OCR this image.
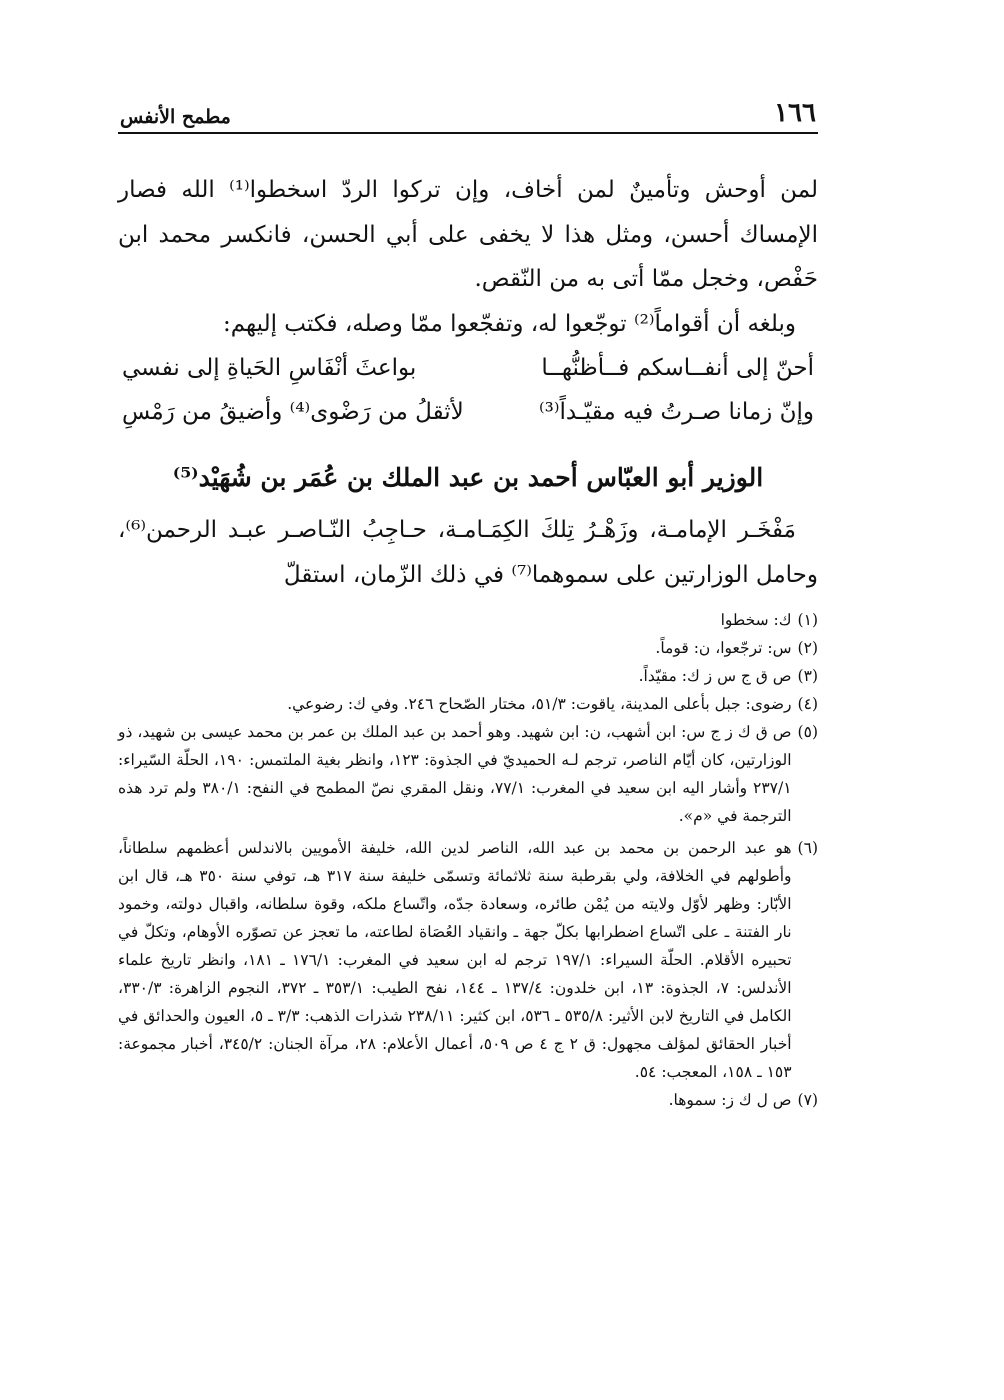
١٦٦
مطمح الأنفس

لمن أوحش وتأمينٌ لمن أخاف، وإن تركوا الردّ اسخطوا⁽¹⁾ الله فصار الإمساك أحسن، ومثل هذا لا يخفى على أبي الحسن، فانكسر محمد ابن حَفْص، وخجل ممّا أتى به من النّقص.

وبلغه أن أقواماً⁽²⁾ توجّعوا له، وتفجّعوا ممّا وصله، فكتب إليهم:

أحنّ إلى أنفــاسكم فــأظنُّهــا
بواعثَ أنْفَاسِ الحَياةِ إلى نفسي
وإنّ زمانا صـرتُ فيه مقيّـداً⁽³⁾
لأثقلُ من رَضْوى⁽⁴⁾ وأضيقُ من رَمْسِ
الوزير أبو العبّاس أحمد بن عبد الملك بن عُمَر بن شُهَيْد⁽⁵⁾

مَفْخَـر الإمامـة، وزَهْـرُ تِلكَ الكِمَـامـة، حـاجِبُ النّـاصـر عبـد الرحمن⁽⁶⁾، وحامل الوزارتين على سموهما⁽⁷⁾ في ذلك الزّمان، استقلّ

(١)
ك: سخطوا
(٢)
س: ترجّعوا، ن: قوماً.
(٣)
ص ق ج س ز ك: مقيّداً.
(٤)
رضوى: جبل بأعلى المدينة، ياقوت: ٥١/٣، مختار الصّحاح ٢٤٦. وفي ك: رضوعي.
(٥)
ص ق ك ز ج س: ابن أشهب، ن: ابن شهيد. وهو أحمد بن عبد الملك بن عمر بن محمد عيسى بن شهيد، ذو الوزارتين، كان أيّام الناصر، ترجم لـه الحميديّ في الجذوة: ١٢٣، وانظر بغية الملتمس: ١٩٠، الحلّة السّيراء: ٢٣٧/١ وأشار اليه ابن سعيد في المغرب: ٧٧/١، ونقل المقري نصّ المطمح في النفح: ٣٨٠/١ ولم ترد هذه الترجمة في «م».
(٦)
هو عبد الرحمن بن محمد بن عبد الله، الناصر لدين الله، خليفة الأمويين بالاندلس أعظمهم سلطاناً، وأطولهم في الخلافة، ولي بقرطبة سنة ثلاثمائة وتسمّى خليفة سنة ٣١٧ هـ، توفي سنة ٣٥٠ هـ، قال ابن الأبّار: وظهر لأوّل ولايته من يُمْن طائره، وسعادة جدّه، واتّساع ملكه، وقوة سلطانه، واقبال دولته، وخمود نار الفتنة ـ على اتّساع اضطرابها بكلّ جهة ـ وانقياد العُصَاة لطاعته، ما تعجز عن تصوّره الأوهام، وتكلّ في تحبيره الأقلام. الحلّة السيراء: ١٩٧/١ ترجم له ابن سعيد في المغرب: ١٧٦/١ ـ ١٨١، وانظر تاريخ علماء الأندلس: ٧، الجذوة: ١٣، ابن خلدون: ١٣٧/٤ ـ ١٤٤، نفح الطيب: ٣٥٣/١ ـ ٣٧٢، النجوم الزاهرة: ٣٣٠/٣، الكامل في التاريخ لابن الأثير: ٥٣٥/٨ ـ ٥٣٦، ابن كثير: ٢٣٨/١١ شذرات الذهب: ٣/٣ ـ ٥، العيون والحدائق في أخبار الحقائق لمؤلف مجهول: ق ٢ ج ٤ ص ٥٠٩، أعمال الأعلام: ٢٨، مرآة الجنان: ٣٤٥/٢، أخبار مجموعة: ١٥٣ ـ ١٥٨، المعجب: ٥٤.
(٧)
ص ل ك ز: سموها.
